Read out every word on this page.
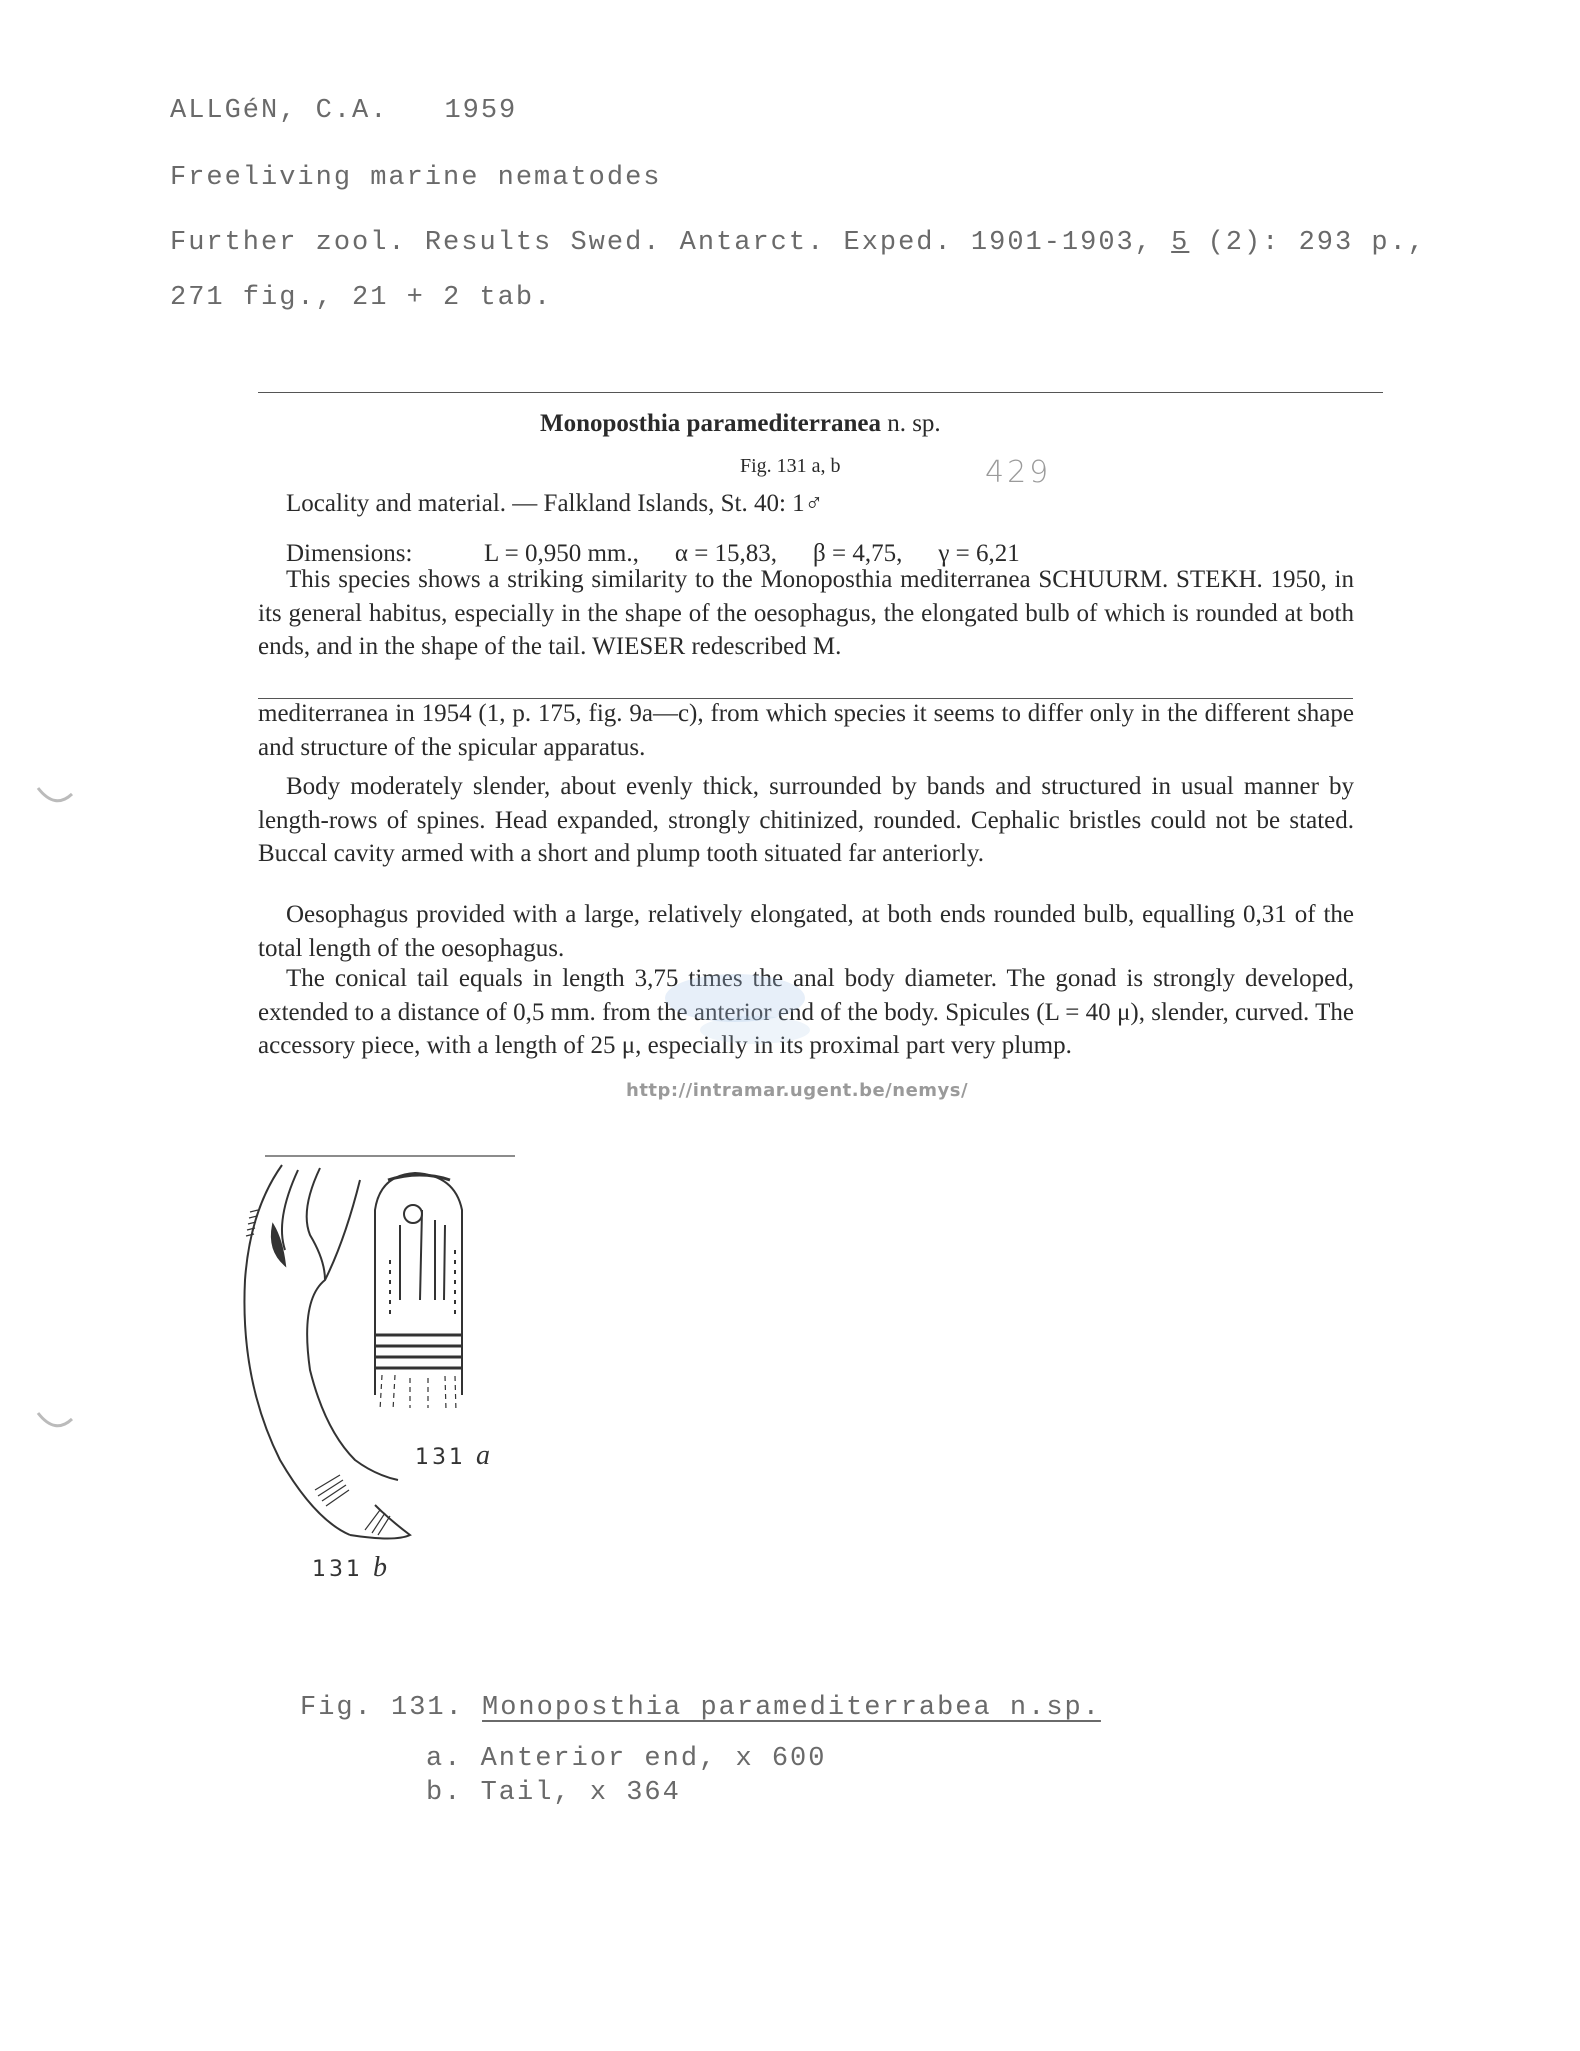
ALLGéN, C.A. 1959
Freeliving marine nematodes
Further zool. Results Swed. Antarct. Exped. 1901-1903, 5 (2): 293 p.,
271 fig., 21 + 2 tab.
Monoposthia paramediterranea n. sp.
Fig. 131 a, b	429
Locality and material. — Falkland Islands, St. 40: 1♂
Dimensions:	L = 0,950 mm., α = 15,83, β = 4,75, γ = 6,21

This species shows a striking similarity to the Monoposthia mediterranea SCHUURM. STEKH. 1950, in its general habitus, especially in the shape of the oesophagus, the elongated bulb of which is rounded at both ends, and in the shape of the tail. WIESER redescribed M.

mediterranea in 1954 (1, p. 175, fig. 9a—c), from which species it seems to differ only in the different shape and structure of the spicular apparatus.

Body moderately slender, about evenly thick, surrounded by bands and structured in usual manner by length-rows of spines. Head expanded, strongly chitinized, rounded. Cephalic bristles could not be stated. Buccal cavity armed with a short and plump tooth situated far anteriorly.

Oesophagus provided with a large, relatively elongated, at both ends rounded bulb, equalling 0,31 of the total length of the oesophagus.

The conical tail equals in length 3,75 times the anal body diameter. The gonad is strongly developed, extended to a distance of 0,5 mm. from the anterior end of the body. Spicules (L = 40 μ), slender, curved. The accessory piece, with a length of 25 μ, especially in its proximal part very plump.

http://intramar.ugent.be/nemys/
131 a
131 b
Fig. 131. Monoposthia paramediterrabea n.sp.
a. Anterior end, x 600
b. Tail, x 364
